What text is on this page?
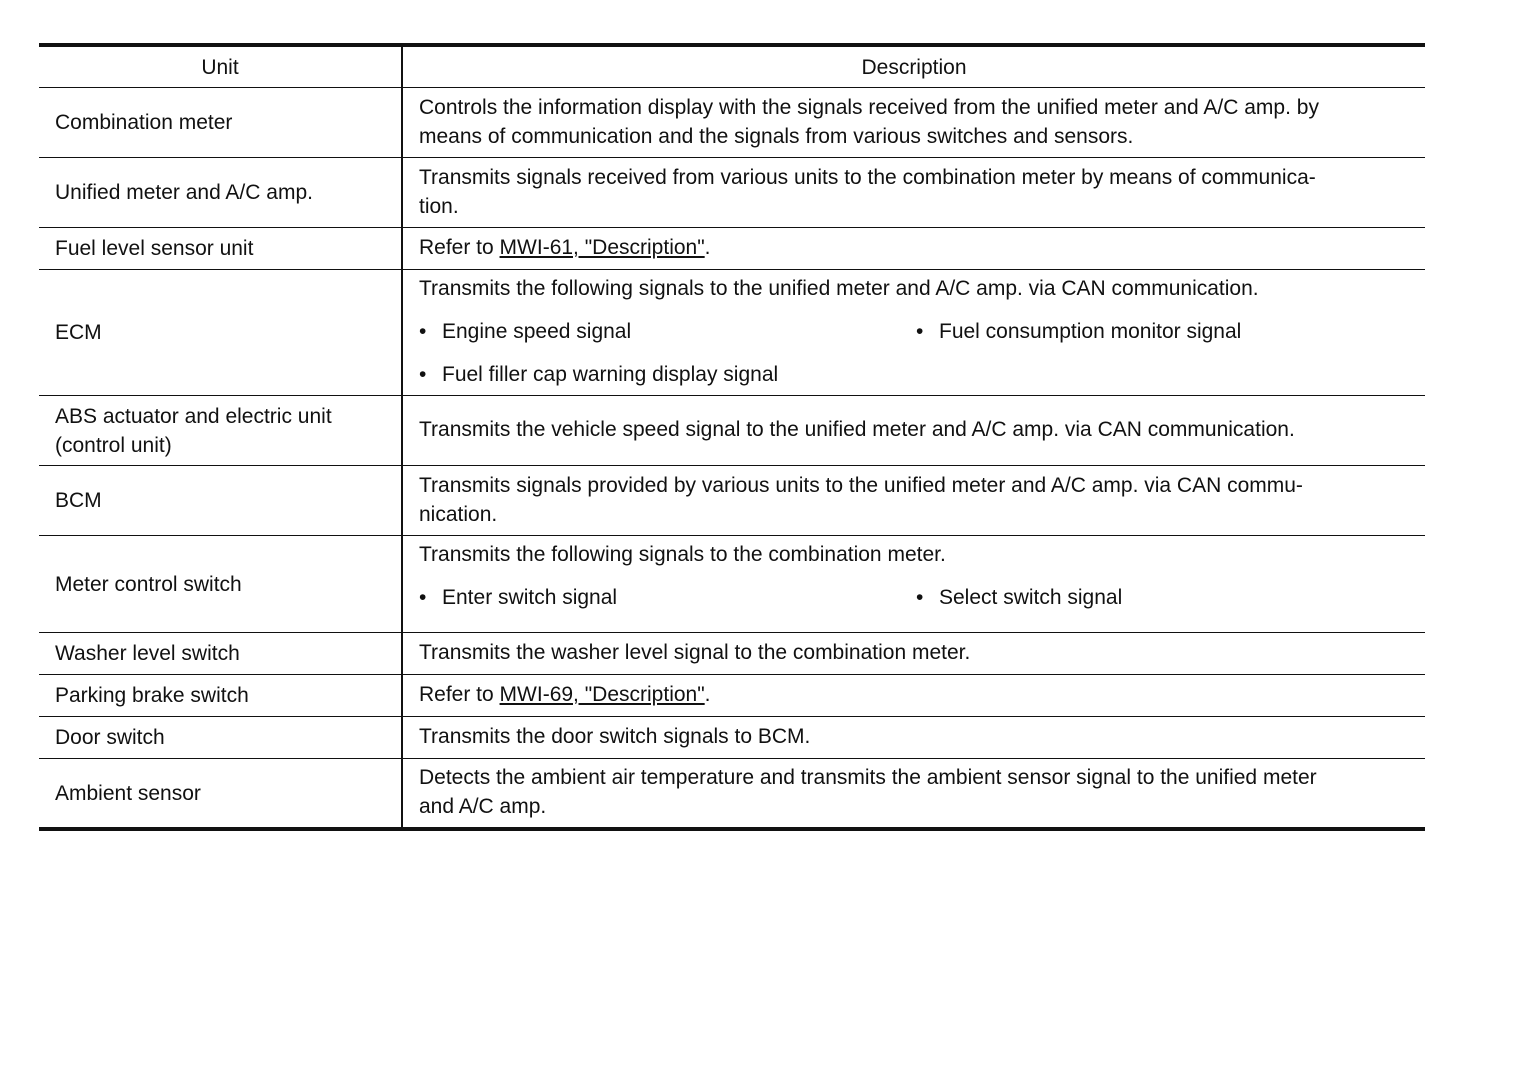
Unit	Description
Combination meter	Controls the information display with the signals received from the unified meter and A/C amp. by
means of communication and the signals from various switches and sensors.

Unified meter and A/C amp.	Transmits signals received from various units to the combination meter by means of communica-
tion.

Fuel level sensor unit	Refer to MWI-61, "Description".
ECM	Transmits the following signals to the unified meter and A/C amp. via CAN communication.
• Engine speed signal • Fuel consumption monitor signal
• Fuel filler cap warning display signal

ABS actuator and electric unit
(control unit)	Transmits the vehicle speed signal to the unified meter and A/C amp. via CAN communication.
BCM	Transmits signals provided by various units to the unified meter and A/C amp. via CAN commu-
nication.

Meter control switch	Transmits the following signals to the combination meter.
• Enter switch signal • Select switch signal

Washer level switch	Transmits the washer level signal to the combination meter.
Parking brake switch	Refer to MWI-69, "Description".
Door switch	Transmits the door switch signals to BCM.
Ambient sensor	Detects the ambient air temperature and transmits the ambient sensor signal to the unified meter
and A/C amp.
